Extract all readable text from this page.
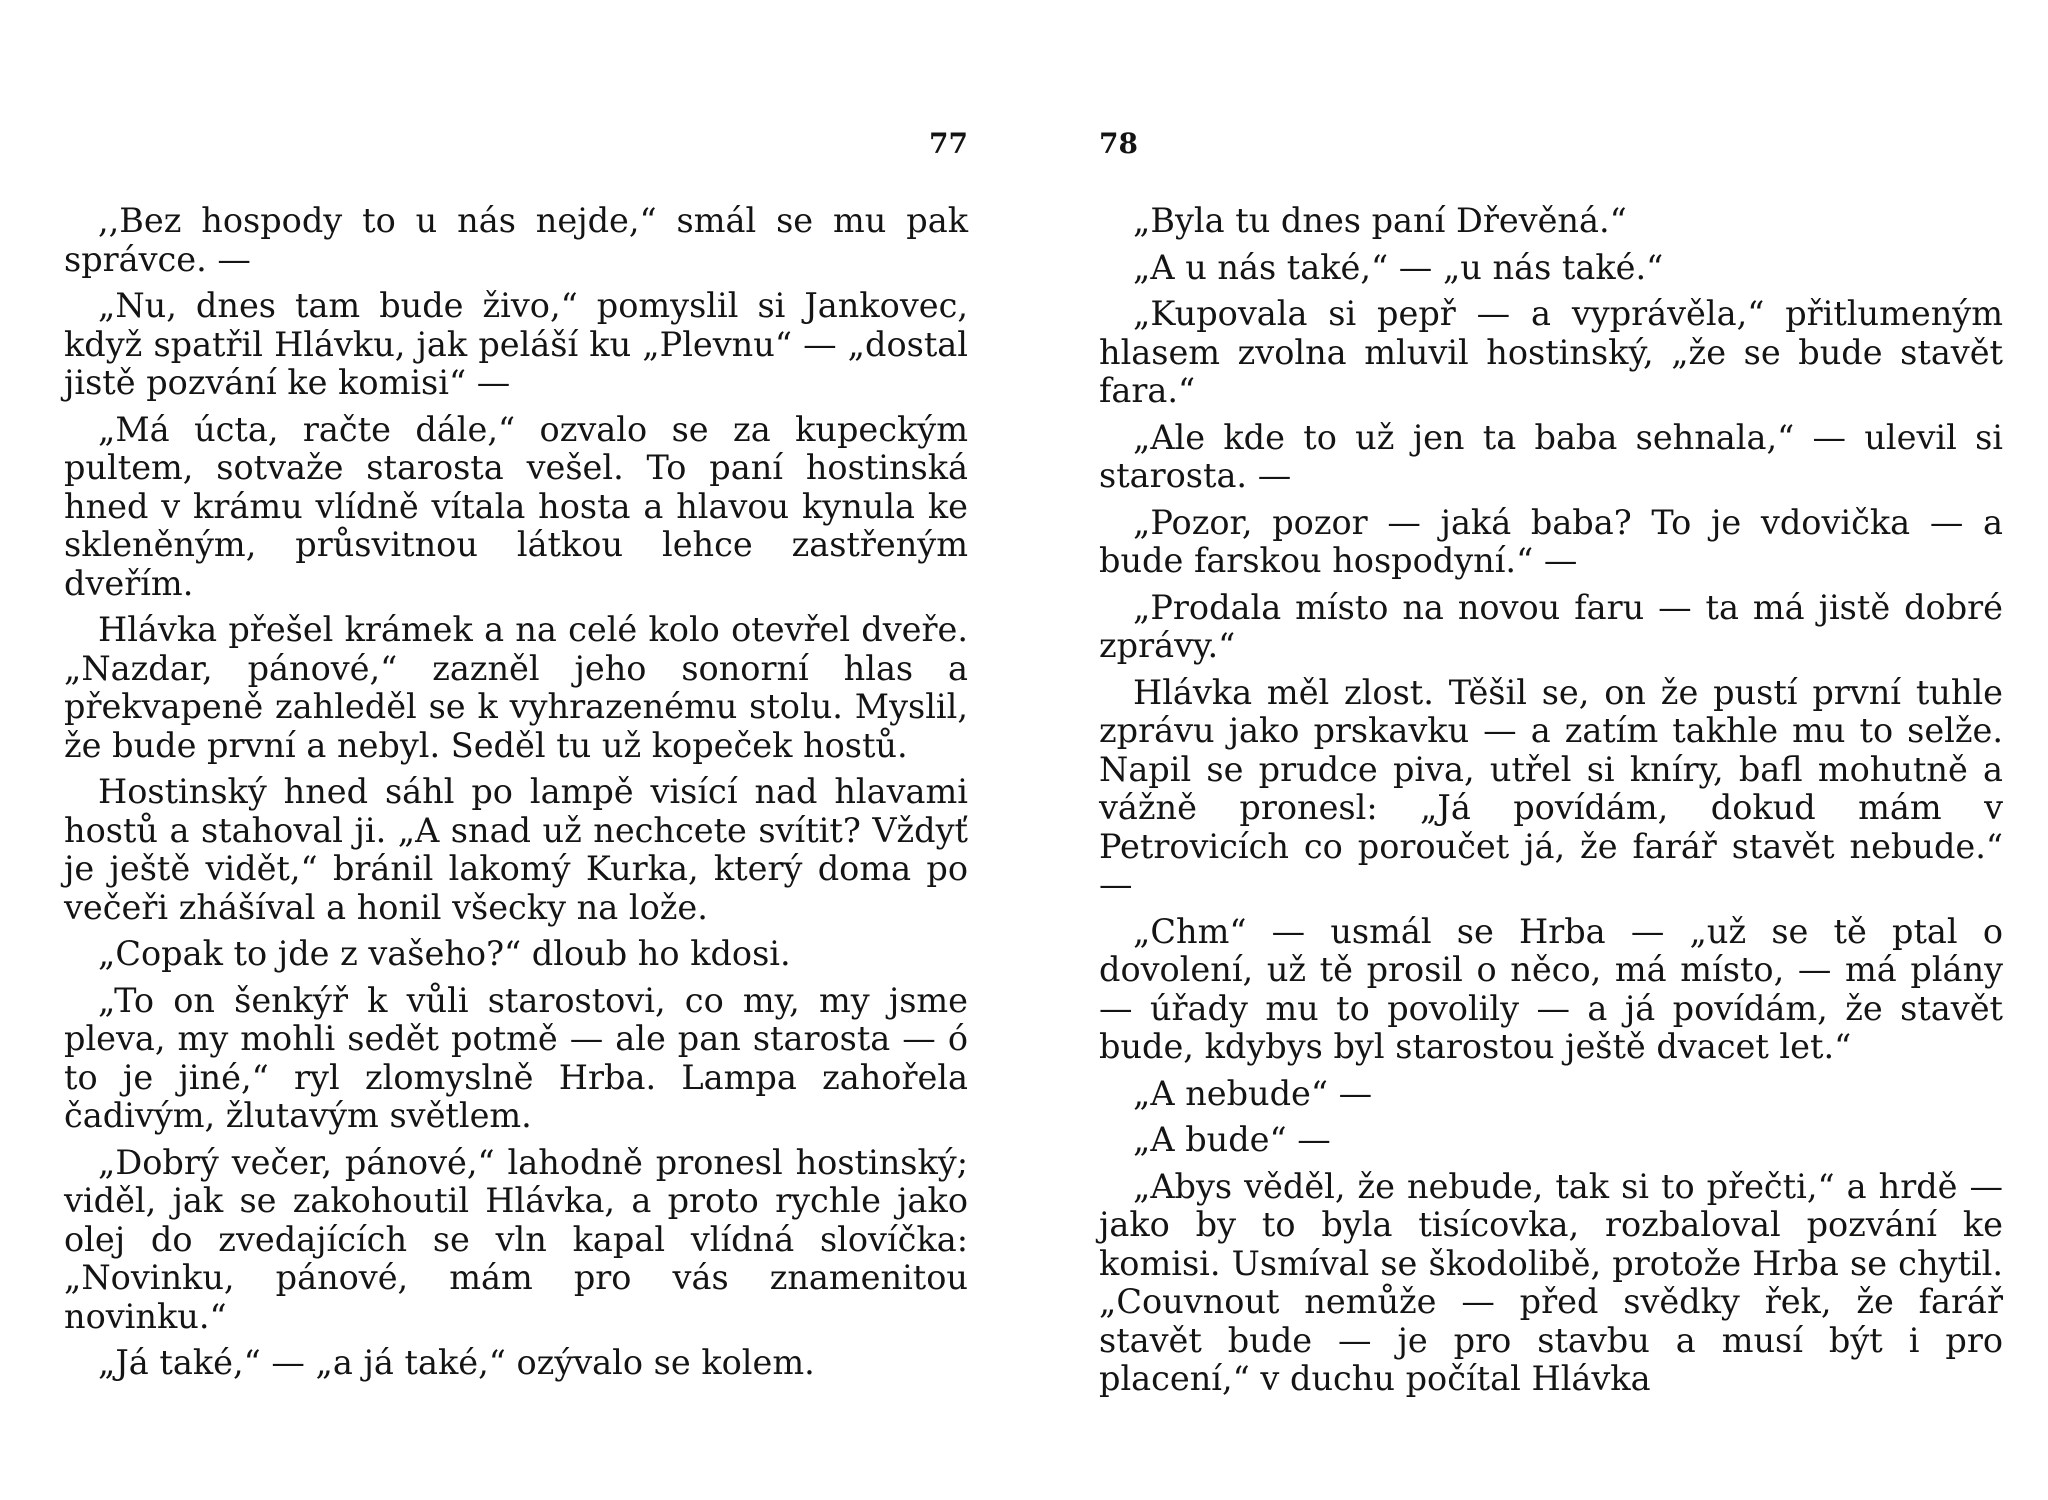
77

,,Bez hospody to u nás nejde,“ smál se mu pak správce. —

„Nu, dnes tam bude živo,“ pomyslil si Jankovec, když spatřil Hlávku, jak peláší ku „Plevnu“ — „dostal jistě pozvání ke komisi“ —

„Má úcta, račte dále,“ ozvalo se za kupeckým pultem, sotvaže starosta vešel. To paní hostinská hned v krámu vlídně vítala hosta a hlavou kynula ke skleněným, průsvitnou látkou lehce zastřeným dveřím.

Hlávka přešel krámek a na celé kolo otevřel dveře. „Nazdar, pánové,“ zazněl jeho sonorní hlas a překvapeně zahleděl se k vyhrazenému stolu. Myslil, že bude první a nebyl. Seděl tu už kopeček hostů.

Hostinský hned sáhl po lampě visící nad hlavami hostů a stahoval ji. „A snad už nechcete svítit? Vždyť je ještě vidět,“ bránil lakomý Kurka, který doma po večeři zhášíval a honil všecky na lože.

„Copak to jde z vašeho?“ dloub ho kdosi.

„To on šenkýř k vůli starostovi, co my, my jsme pleva, my mohli sedět potmě — ale pan starosta — ó to je jiné,“ ryl zlomyslně Hrba. Lampa zahořela čadivým, žlutavým světlem.

„Dobrý večer, pánové,“ lahodně pronesl hostinský; viděl, jak se zakohoutil Hlávka, a proto rychle jako olej do zvedajících se vln kapal vlídná slovíčka: „Novinku, pánové, mám pro vás znamenitou novinku.“

„Já také,“ — „a já také,“ ozývalo se kolem.

78

„Byla tu dnes paní Dřevěná.“

„A u nás také,“ — „u nás také.“

„Kupovala si pepř — a vyprávěla,“ přitlumeným hlasem zvolna mluvil hostinský, „že se bude stavět fara.“

„Ale kde to už jen ta baba sehnala,“ — ulevil si starosta. —

„Pozor, pozor — jaká baba? To je vdovička — a bude farskou hospodyní.“ —

„Prodala místo na novou faru — ta má jistě dobré zprávy.“

Hlávka měl zlost. Těšil se, on že pustí první tuhle zprávu jako prskavku — a zatím takhle mu to selže. Napil se prudce piva, utřel si kníry, bafl mohutně a vážně pronesl: „Já povídám, dokud mám v Petrovicích co poroučet já, že farář stavět nebude.“ —

„Chm“ — usmál se Hrba — „už se tě ptal o dovolení, už tě prosil o něco, má místo, — má plány — úřady mu to povolily — a já povídám, že stavět bude, kdybys byl starostou ještě dvacet let.“

„A nebude“ —

„A bude“ —

„Abys věděl, že nebude, tak si to přečti,“ a hrdě — jako by to byla tisícovka, rozbaloval pozvání ke komisi. Usmíval se škodolibě, protože Hrba se chytil. „Couvnout nemůže — před svědky řek, že farář stavět bude — je pro stavbu a musí být i pro placení,“ v duchu počítal Hlávka
